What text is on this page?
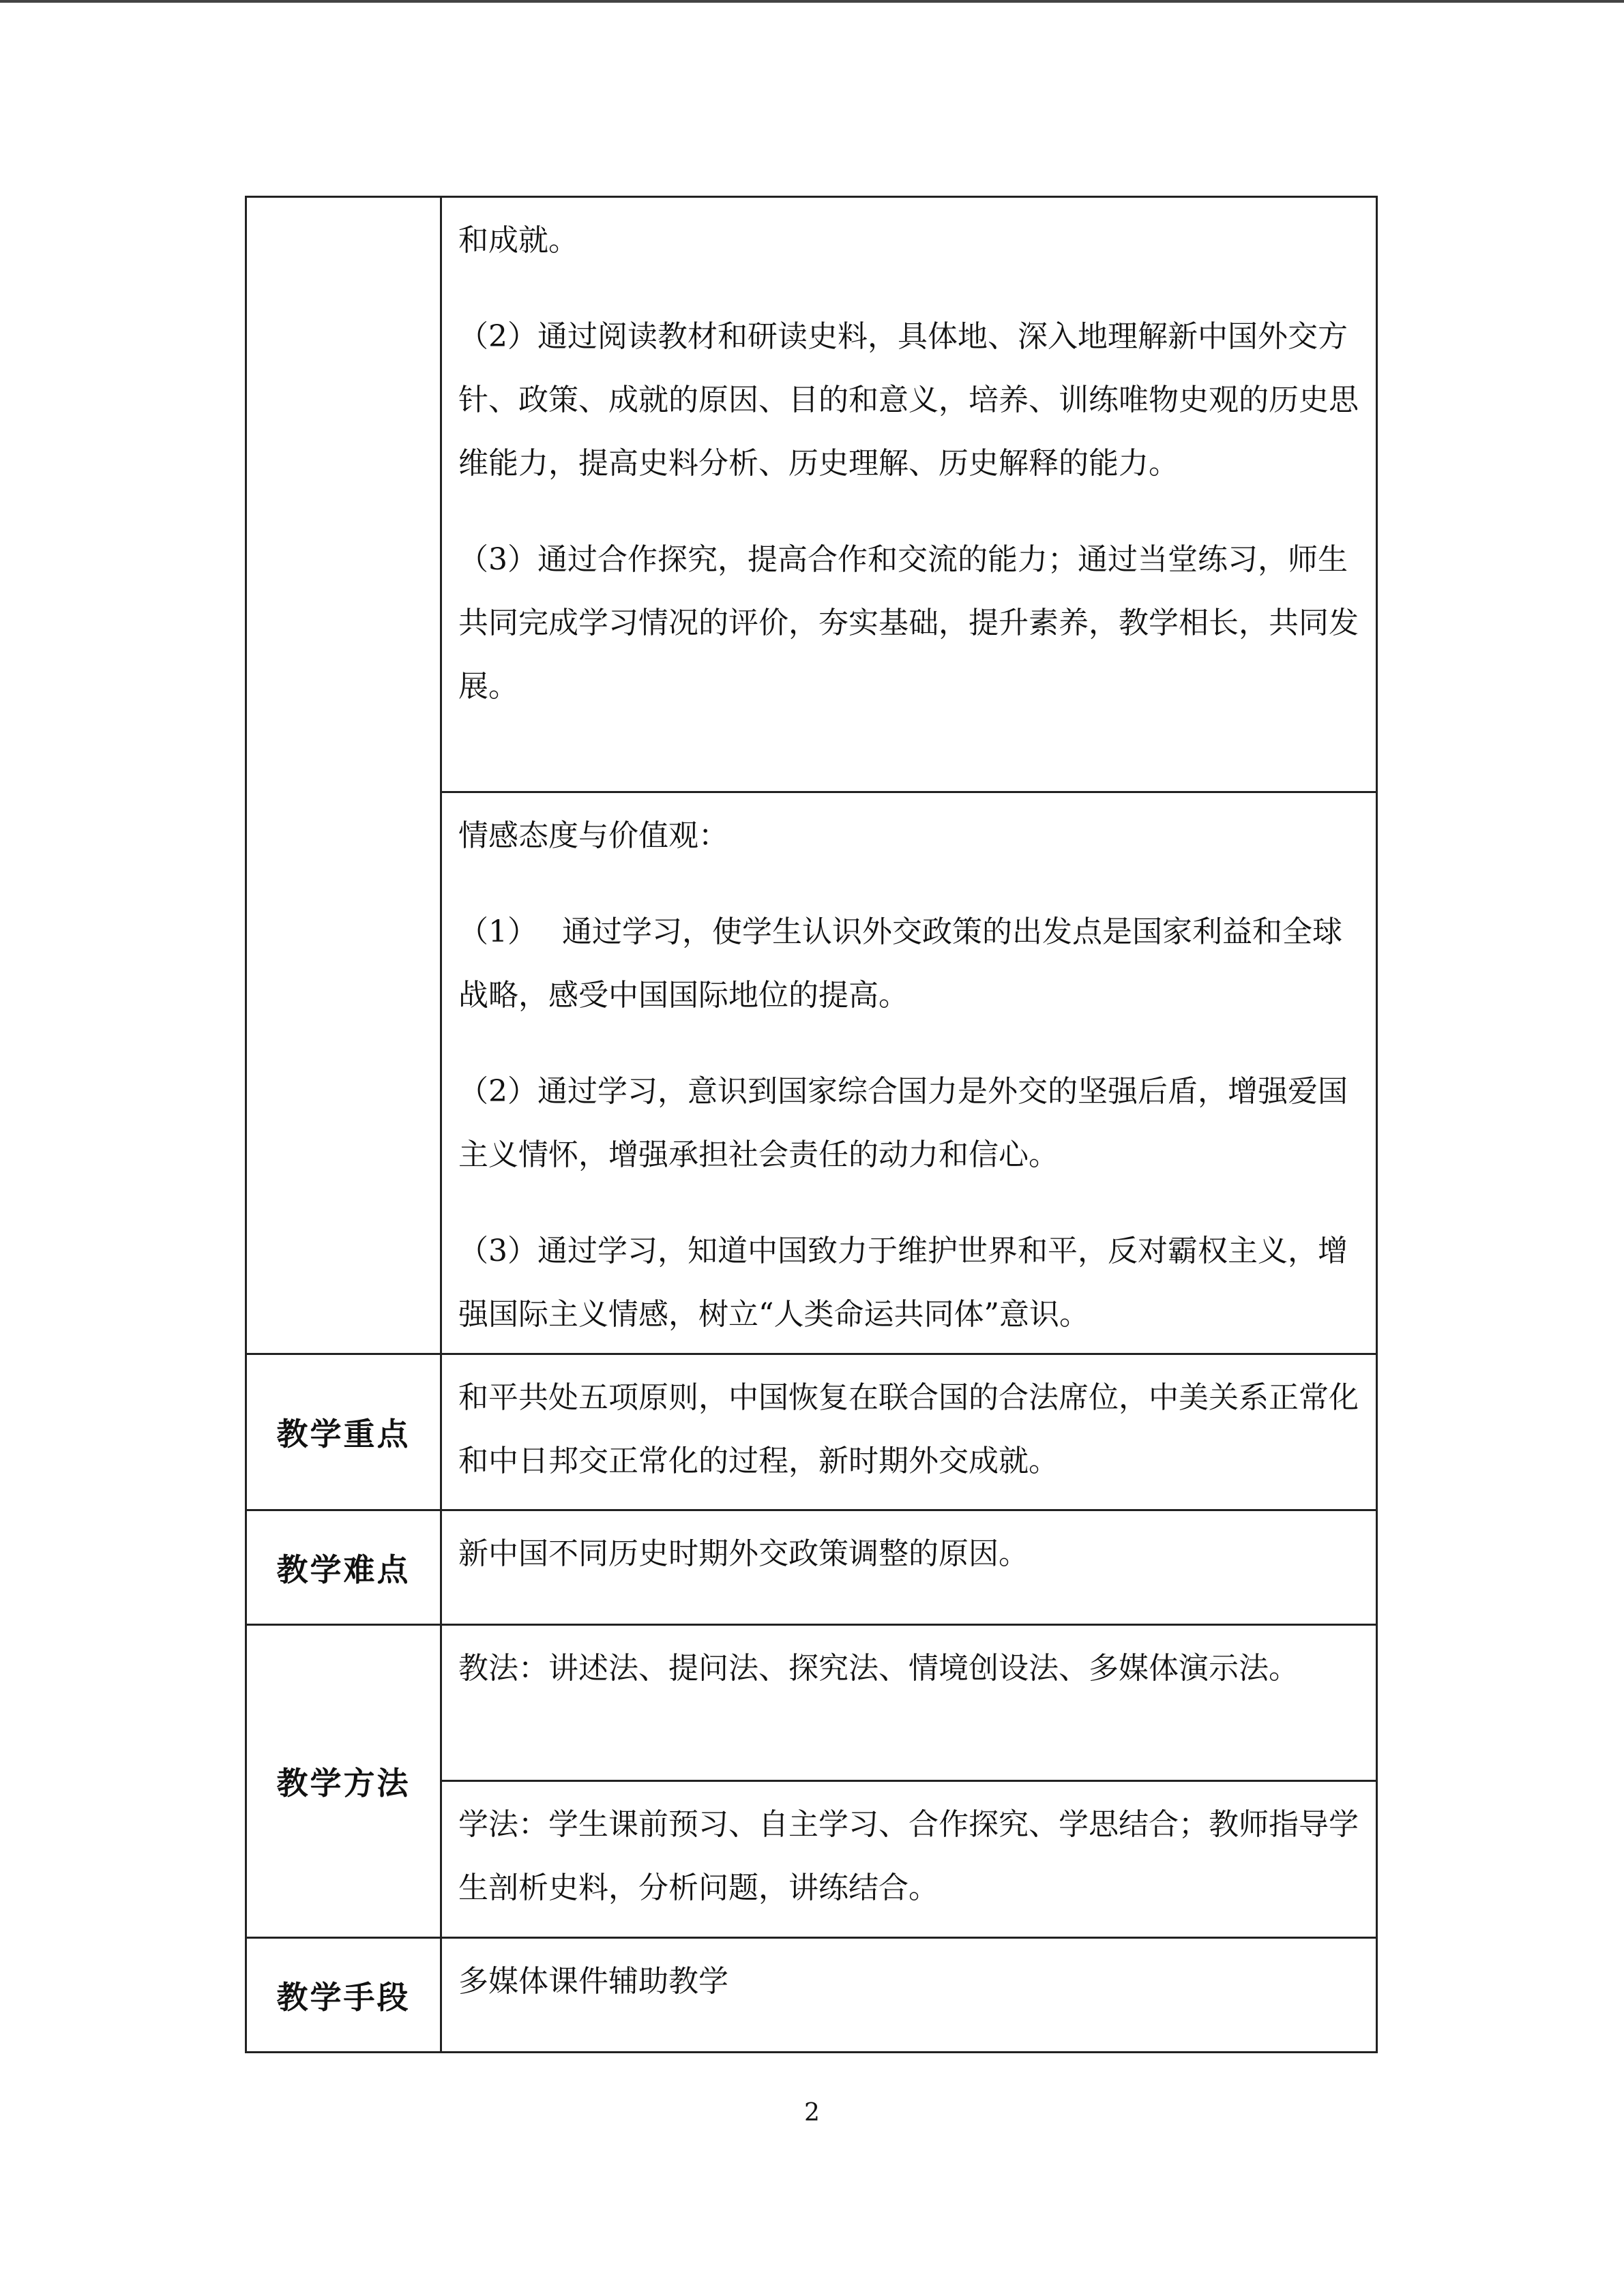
	和成就。

（2）通过阅读教材和研读史料，具体地、深入地理解新中国外交方针、政策、成就的原因、目的和意义，培养、训练唯物史观的历史思维能力，提高史料分析、历史理解、历史解释的能力。

（3）通过合作探究，提高合作和交流的能力；通过当堂练习，师生共同完成学习情况的评价，夯实基础，提升素养，教学相长，共同发展。

	情感态度与价值观：

（1）　 通过学习，使学生认识外交政策的出发点是国家利益和全球战略，感受中国国际地位的提高。

（2）通过学习，意识到国家综合国力是外交的坚强后盾，增强爱国主义情怀，增强承担社会责任的动力和信心。

（3）通过学习，知道中国致力于维护世界和平，反对霸权主义，增强国际主义情感，树立“人类命运共同体”意识。

教学重点	和平共处五项原则，中国恢复在联合国的合法席位，中美关系正常化和中日邦交正常化的过程，新时期外交成就。

教学难点	新中国不同历史时期外交政策调整的原因。

教学方法	教法：讲述法、提问法、探究法、情境创设法、多媒体演示法。

	学法：学生课前预习、自主学习、合作探究、学思结合；教师指导学生剖析史料，分析问题，讲练结合。

教学手段	多媒体课件辅助教学

2
